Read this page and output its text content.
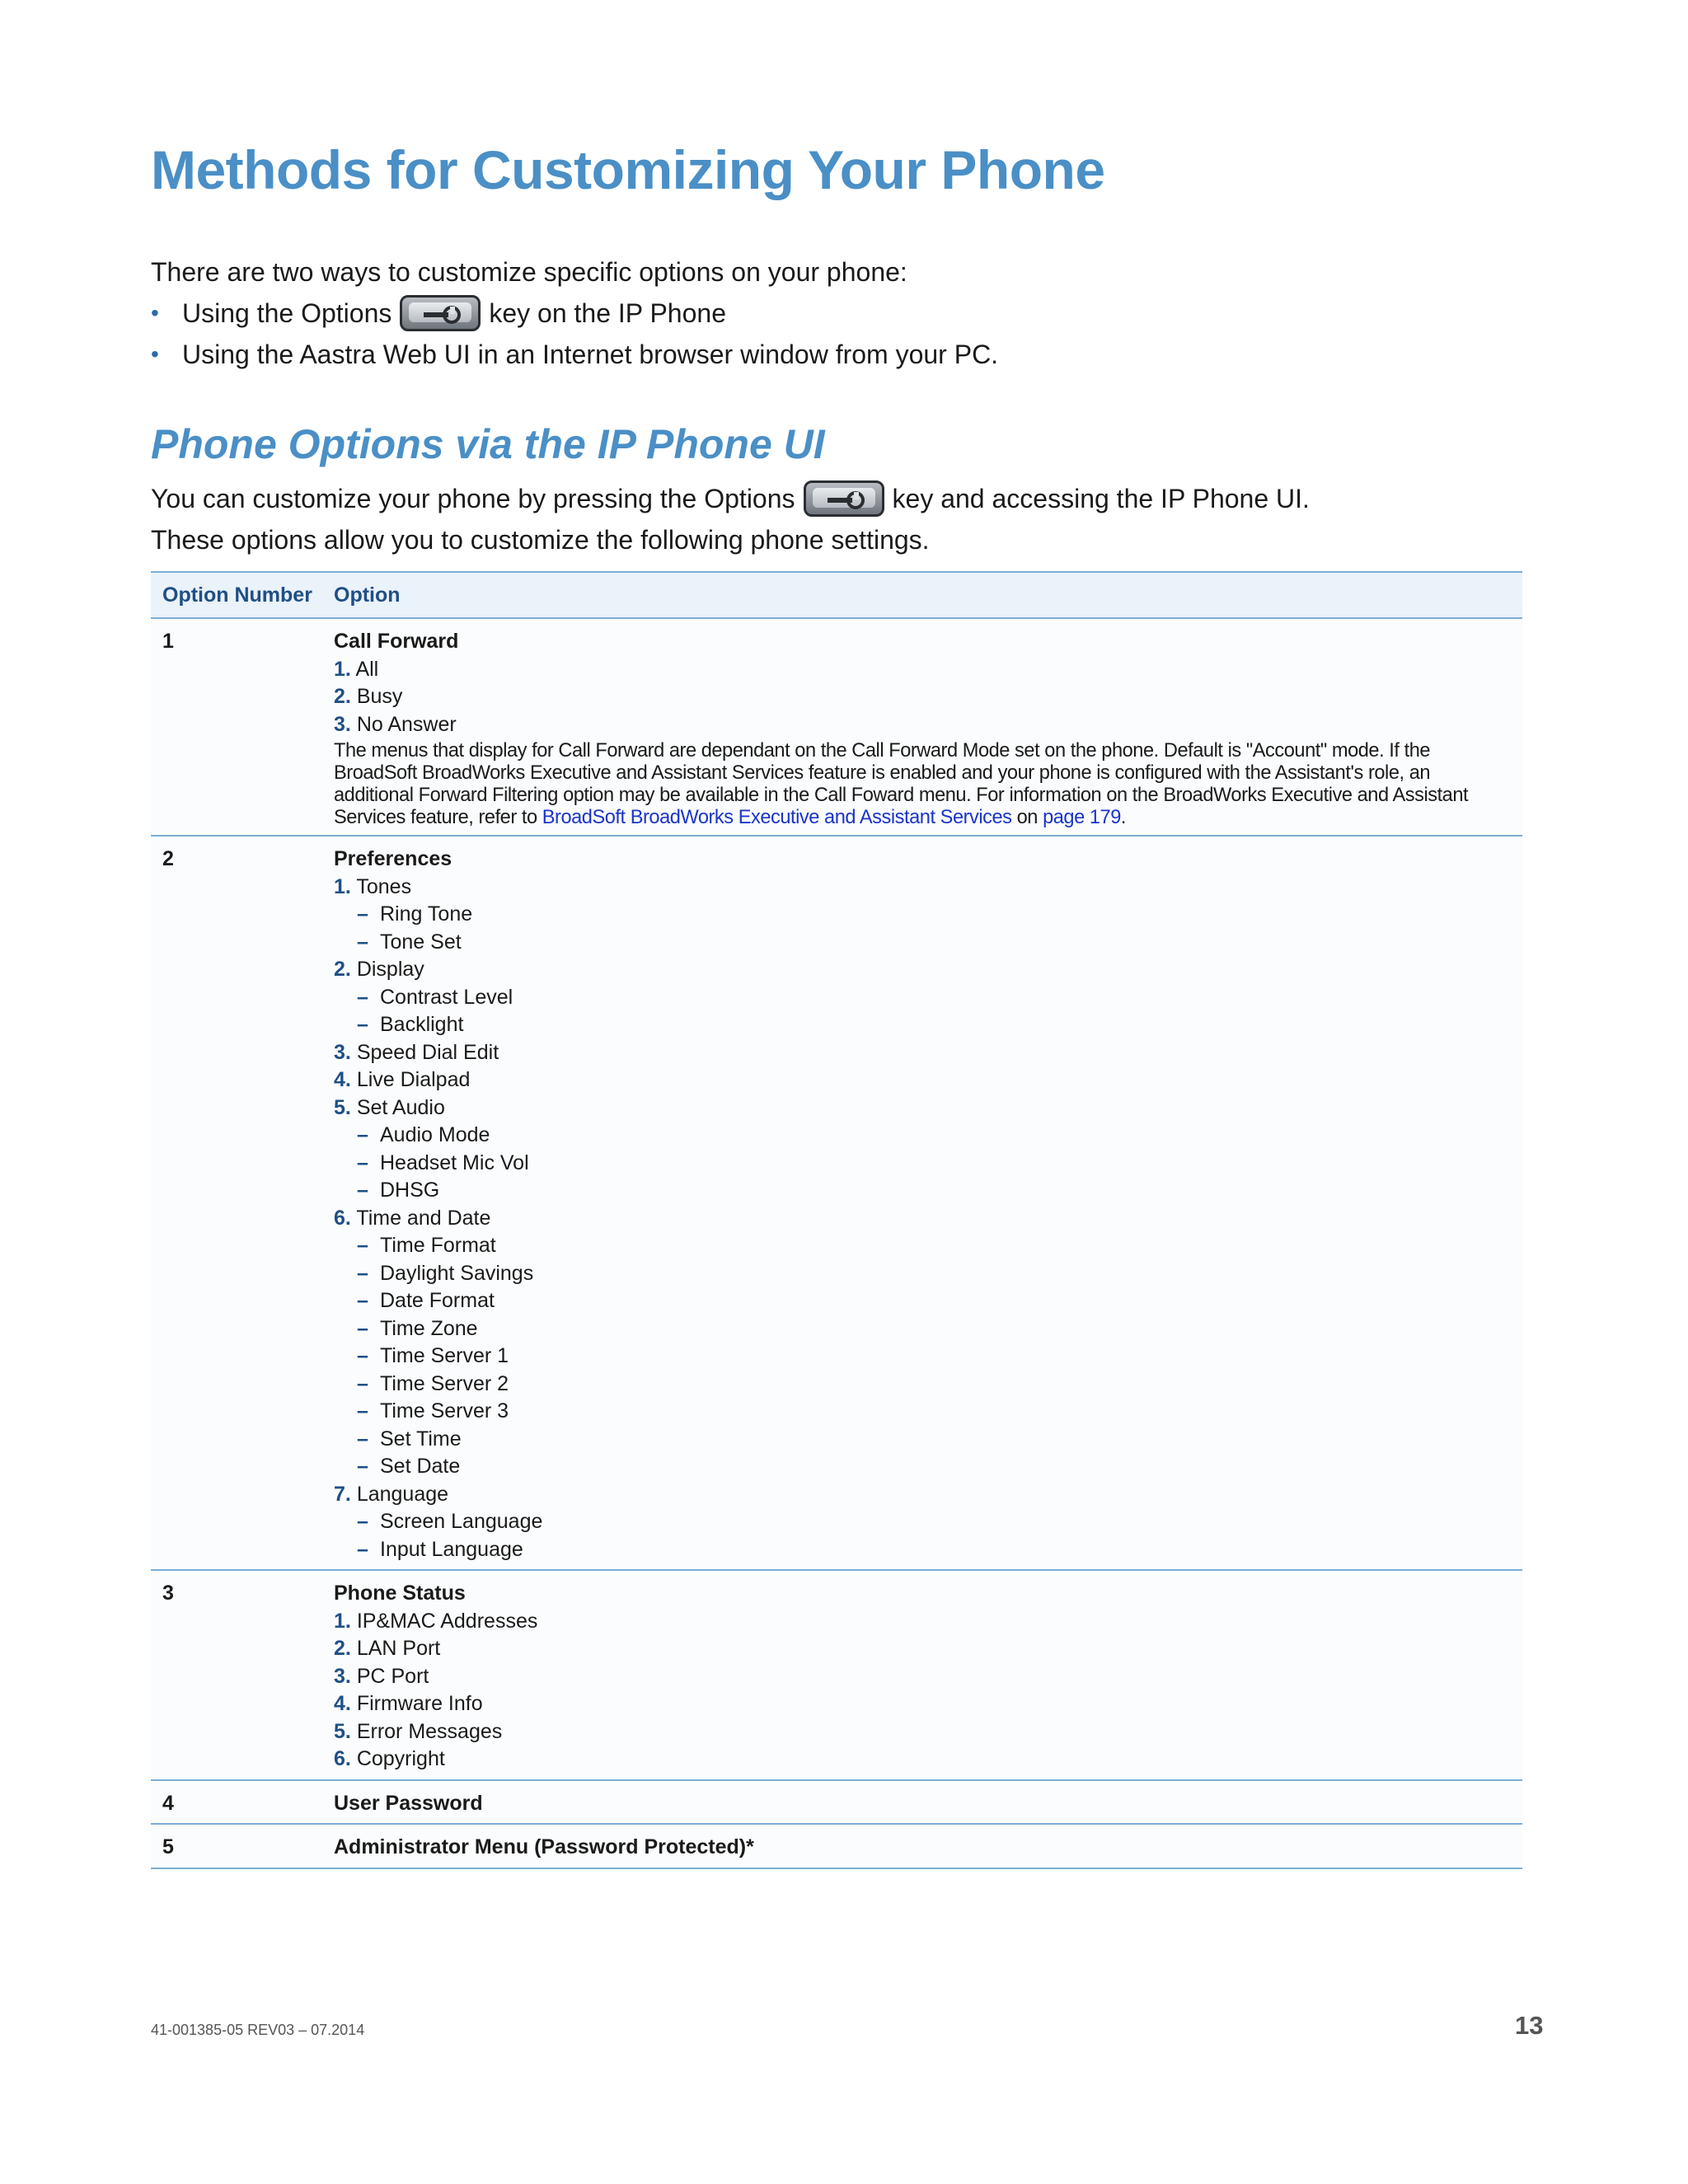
Methods for Customizing Your Phone

There are two ways to customize specific options on your phone:

• Using the Options	key on the IP Phone
• Using the Aastra Web UI in an Internet browser window from your PC.
Phone Options via the IP Phone UI

You can customize your phone by pressing the Options	key and accessing the IP Phone UI.

These options allow you to customize the following phone settings.

Option Number	Option
1	Call Forward
1. All
2. Busy
3. No Answer
The menus that display for Call Forward are dependant on the Call Forward Mode set on the phone. Default is "Account" mode. If the BroadSoft BroadWorks Executive and Assistant Services feature is enabled and your phone is configured with the Assistant's role, an additional Forward Filtering option may be available in the Call Foward menu. For information on the BroadWorks Executive and Assistant Services feature, refer to BroadSoft BroadWorks Executive and Assistant Services on page 179.
2	Preferences
1. Tones
– Ring Tone
– Tone Set
2. Display
– Contrast Level
– Backlight
3. Speed Dial Edit
4. Live Dialpad
5. Set Audio
– Audio Mode
– Headset Mic Vol
– DHSG
6. Time and Date
– Time Format
– Daylight Savings
– Date Format
– Time Zone
– Time Server 1
– Time Server 2
– Time Server 3
– Set Time
– Set Date
7. Language
– Screen Language
– Input Language
3	Phone Status
1. IP&MAC Addresses
2. LAN Port
3. PC Port
4. Firmware Info
5. Error Messages
6. Copyright
4	User Password
5	Administrator Menu (Password Protected)*
41-001385-05 REV03 – 07.2014	13
